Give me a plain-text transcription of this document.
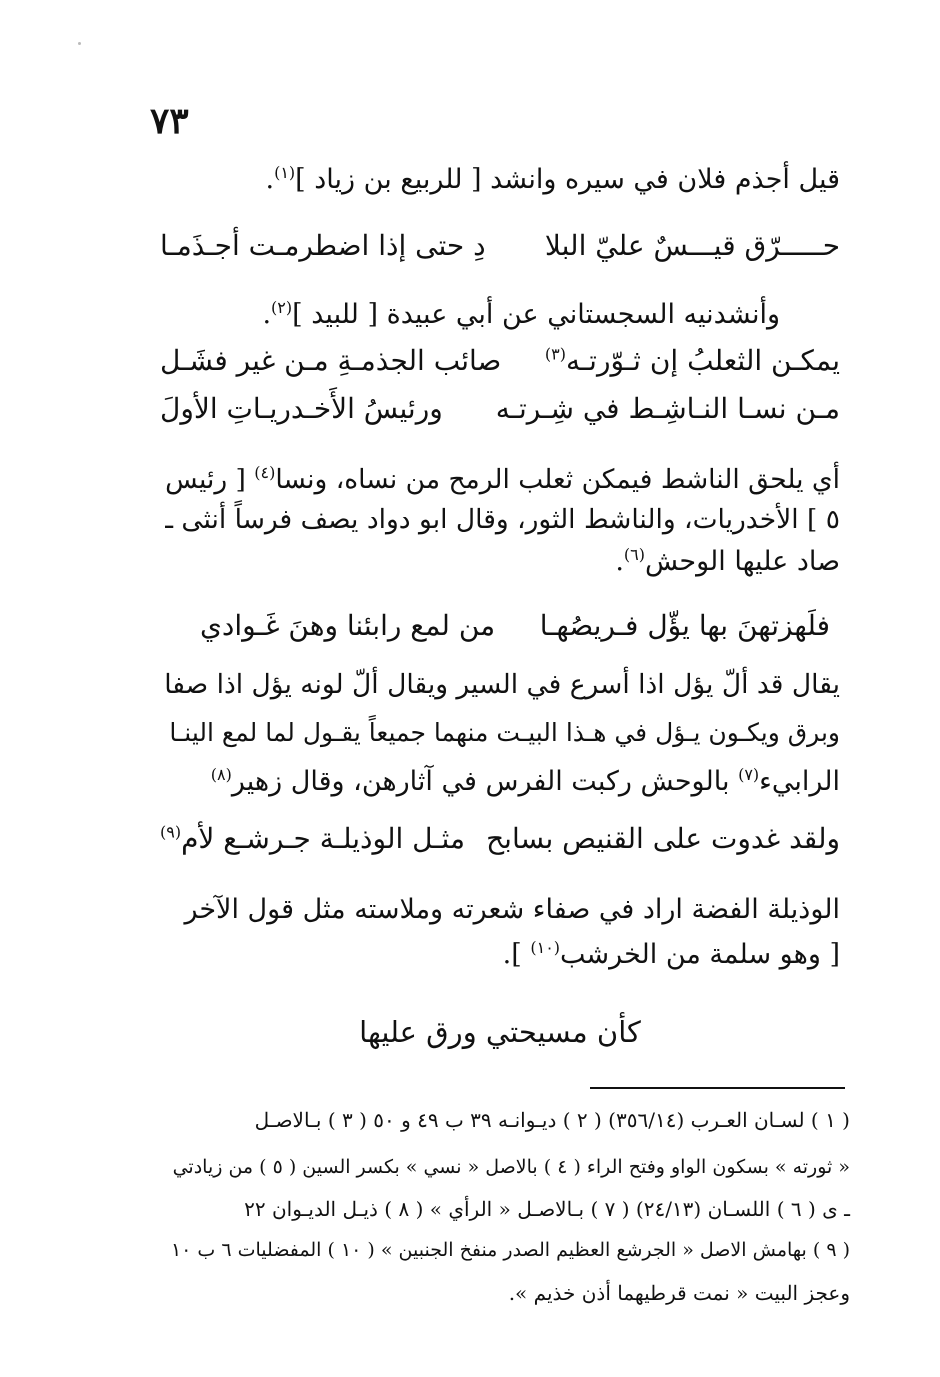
٧٣
قيل أجذم فلان في سيره وانشد [ للربيع بن زياد ]$^{(١)}$.
حـــــرّق قيـــسٌ عليّ البلا
دِ حتى إذا اضطرمـت أجـذَمـا
وأنشدنيه السجستاني عن أبي عبيدة [ للبيد ]$^{(٢)}$.
يمكـن الثعلبُ إن ثـوّرتـه$^{(٣)}$
صائب الجذمـةِ مـن غير فشَـل
مـن نسـا النـاشِـط في شِـرتـه
ورئيسُ الأَخـدريـاتِ الأولَ
أي يلحق الناشط فيمكن ثعلب الرمح من نساه، ونسا$^{(٤)}$ [ رئيس
٥ ] الأخدريات، والناشط الثور، وقال ابو دواد يصف فرساً أنثى ـ
صاد عليها الوحش$^{(٦)}$.
فلَهزتهنَ بها يؤّل فـريصُهـا
من لمع رابئنا وهنَ غَـوادي
يقال قد ألّ يؤل اذا أسرع في السير ويقال ألّ لونه يؤل اذا صفا
وبرق ويكـون يـؤل في هـذا البيـت منهما جميعاً يقـول لما لمع الينـا
الرابيء$^{(٧)}$ بالوحش ركبت الفرس في آثارهن، وقال زهير$^{(٨)}$
ولقد غدوت على القنيص بسابح
مثـل الوذيلـة جـرشـع لأم$^{(٩)}$
الوذيلة الفضة اراد في صفاء شعرته وملاسته مثل قول الآخر
[ وهو سلمة من الخرشب$^{(١٠)}$ ].
كأن مسيحتي ورق عليها
( ١ ) لسـان العـرب (٣٥٦/١٤) ( ٢ ) ديـوانـه ٣٩ ب ٤٩ و ٥٠ ( ٣ ) بـالاصـل
« ثورته » بسكون الواو وفتح الراء ( ٤ ) بالاصل « نسي » بكسر السين ( ٥ ) من زيادتي
ـ ى ( ٦ ) اللسـان (٢٤/١٣) ( ٧ ) بـالاصـل « الرأي » ( ٨ ) ذيـل الديـوان ٢٢
( ٩ ) بهامش الاصل « الجرشع العظيم الصدر منفخ الجنبين » ( ١٠ ) المفضليات ٦ ب ١٠
وعجز البيت « نمت قرطيهما أذن خذيم ».
